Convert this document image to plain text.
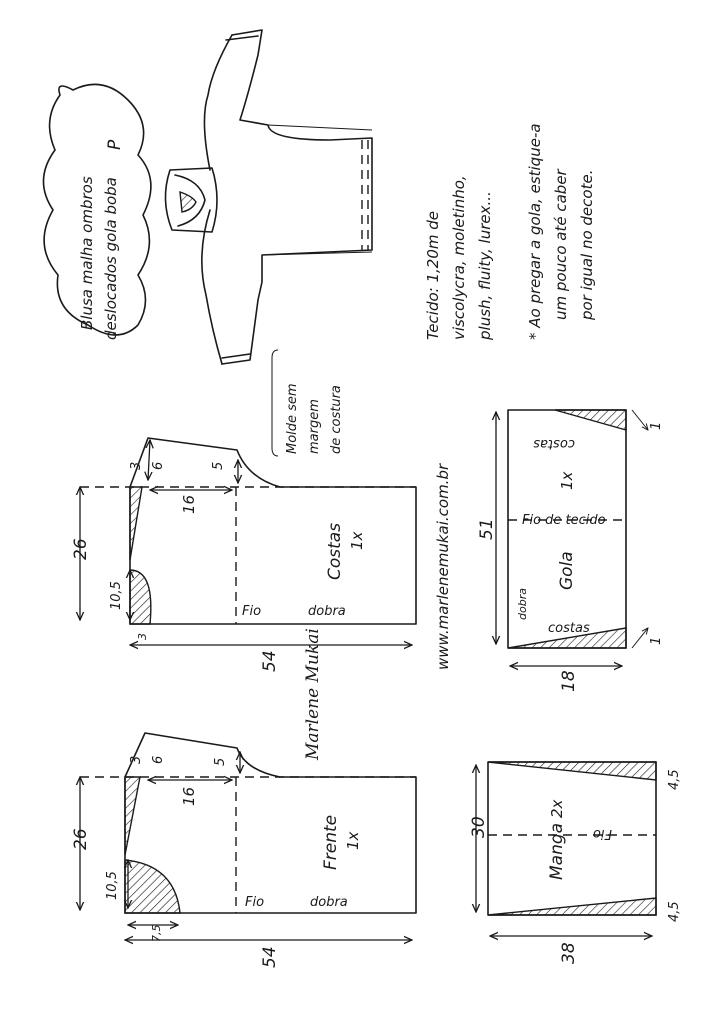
Blusa malha ombros deslocados gola boba
P
Tecido: 1,20m de viscolycra, moletinho, plush, fluity, lurex... * Ao pregar a gola, estique-a um pouco até caber por igual no decote.
Molde sem margem de costura
www.marlenemukai.com.br
Marlene Mukai
Costas 1x
Fio	dobra
26
54
16
6
3	5
10,5
3
Frente 1x
Fio	dobra
26
54
16
6
3	5
10,5
7,5
Gola
1x
Fio de tecido
dobra
costas
costas
51
18
1
1
Manga
2x
Fio
30
38
4,5
4,5
